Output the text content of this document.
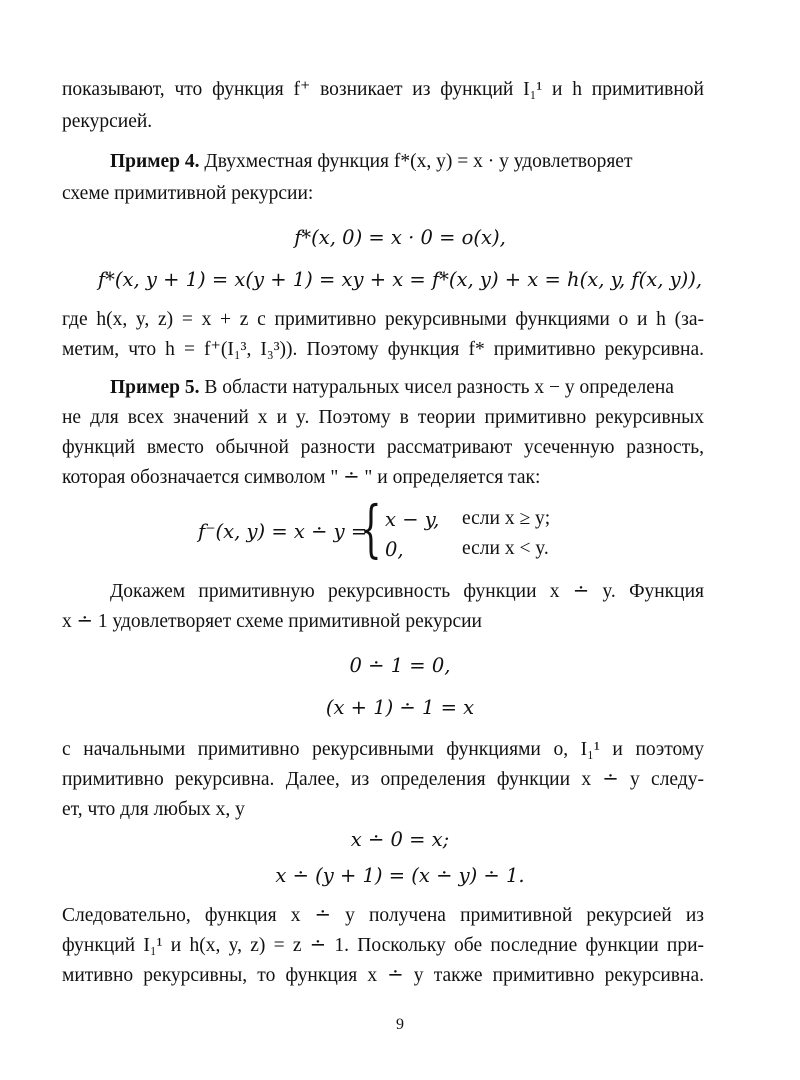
показывают, что функция f⁺ возникает из функций I₁¹ и h примитивной
рекурсией.
Пример 4. Двухместная функция f*(x, y) = x · y удовлетворяет
схеме примитивной рекурсии:
f*(x, 0) = x · 0 = o(x),
f*(x, y + 1) = x(y + 1) = xy + x = f*(x, y) + x = h(x, y, f(x, y)),
где h(x, y, z) = x + z с примитивно рекурсивными функциями o и h (за-
метим, что h = f⁺(I₁³, I₃³)). Поэтому функция f* примитивно рекурсивна.
Пример 5. В области натуральных чисел разность x − y определена
не для всех значений x и y. Поэтому в теории примитивно рекурсивных
функций вместо обычной разности рассматривают усеченную разность,
которая обозначается символом " ∸ " и определяется так:
f⁻(x, y) = x ∸ y =
{ x − y, если x ≥ y;
0,	если x < y.
Докажем примитивную рекурсивность функции x ∸ y. Функция
x ∸ 1 удовлетворяет схеме примитивной рекурсии
0 ∸ 1 = 0,
(x + 1) ∸ 1 = x
с начальными примитивно рекурсивными функциями o, I₁¹ и поэтому
примитивно рекурсивна. Далее, из определения функции x ∸ y следу-
ет, что для любых x, y
x ∸ 0 = x;
x ∸ (y + 1) = (x ∸ y) ∸ 1.
Следовательно, функция x ∸ y получена примитивной рекурсией из
функций I₁¹ и h(x, y, z) = z ∸ 1. Поскольку обе последние функции при-
митивно рекурсивны, то функция x ∸ y также примитивно рекурсивна.
9
